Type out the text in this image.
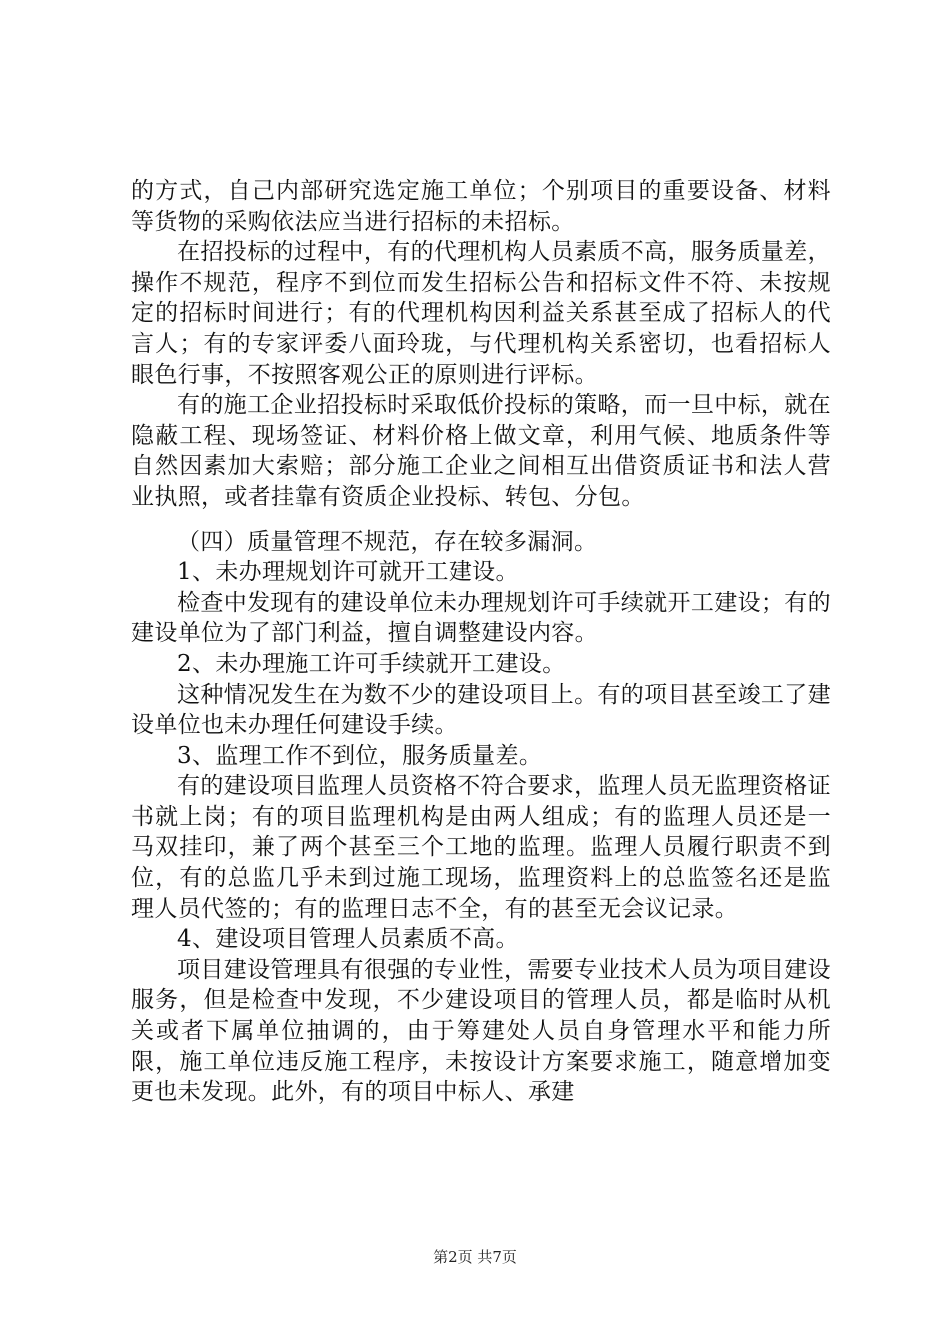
的方式，自己内部研究选定施工单位；个别项目的重要设备、材料等货物的采购依法应当进行招标的未招标。

在招投标的过程中，有的代理机构人员素质不高，服务质量差，操作不规范，程序不到位而发生招标公告和招标文件不符、未按规定的招标时间进行；有的代理机构因利益关系甚至成了招标人的代言人；有的专家评委八面玲珑，与代理机构关系密切，也看招标人眼色行事，不按照客观公正的原则进行评标。

有的施工企业招投标时采取低价投标的策略，而一旦中标，就在隐蔽工程、现场签证、材料价格上做文章，利用气候、地质条件等自然因素加大索赔；部分施工企业之间相互出借资质证书和法人营业执照，或者挂靠有资质企业投标、转包、分包。

（四）质量管理不规范，存在较多漏洞。

1、未办理规划许可就开工建设。

检查中发现有的建设单位未办理规划许可手续就开工建设；有的建设单位为了部门利益，擅自调整建设内容。

2、未办理施工许可手续就开工建设。

这种情况发生在为数不少的建设项目上。有的项目甚至竣工了建设单位也未办理任何建设手续。

3、监理工作不到位，服务质量差。

有的建设项目监理人员资格不符合要求，监理人员无监理资格证书就上岗；有的项目监理机构是由两人组成；有的监理人员还是一马双挂印，兼了两个甚至三个工地的监理。监理人员履行职责不到位，有的总监几乎未到过施工现场，监理资料上的总监签名还是监理人员代签的；有的监理日志不全，有的甚至无会议记录。

4、建设项目管理人员素质不高。

项目建设管理具有很强的专业性，需要专业技术人员为项目建设服务，但是检查中发现，不少建设项目的管理人员，都是临时从机关或者下属单位抽调的，由于筹建处人员自身管理水平和能力所限，施工单位违反施工程序，未按设计方案要求施工，随意增加变更也未发现。此外，有的项目中标人、承建

第2页 共7页
